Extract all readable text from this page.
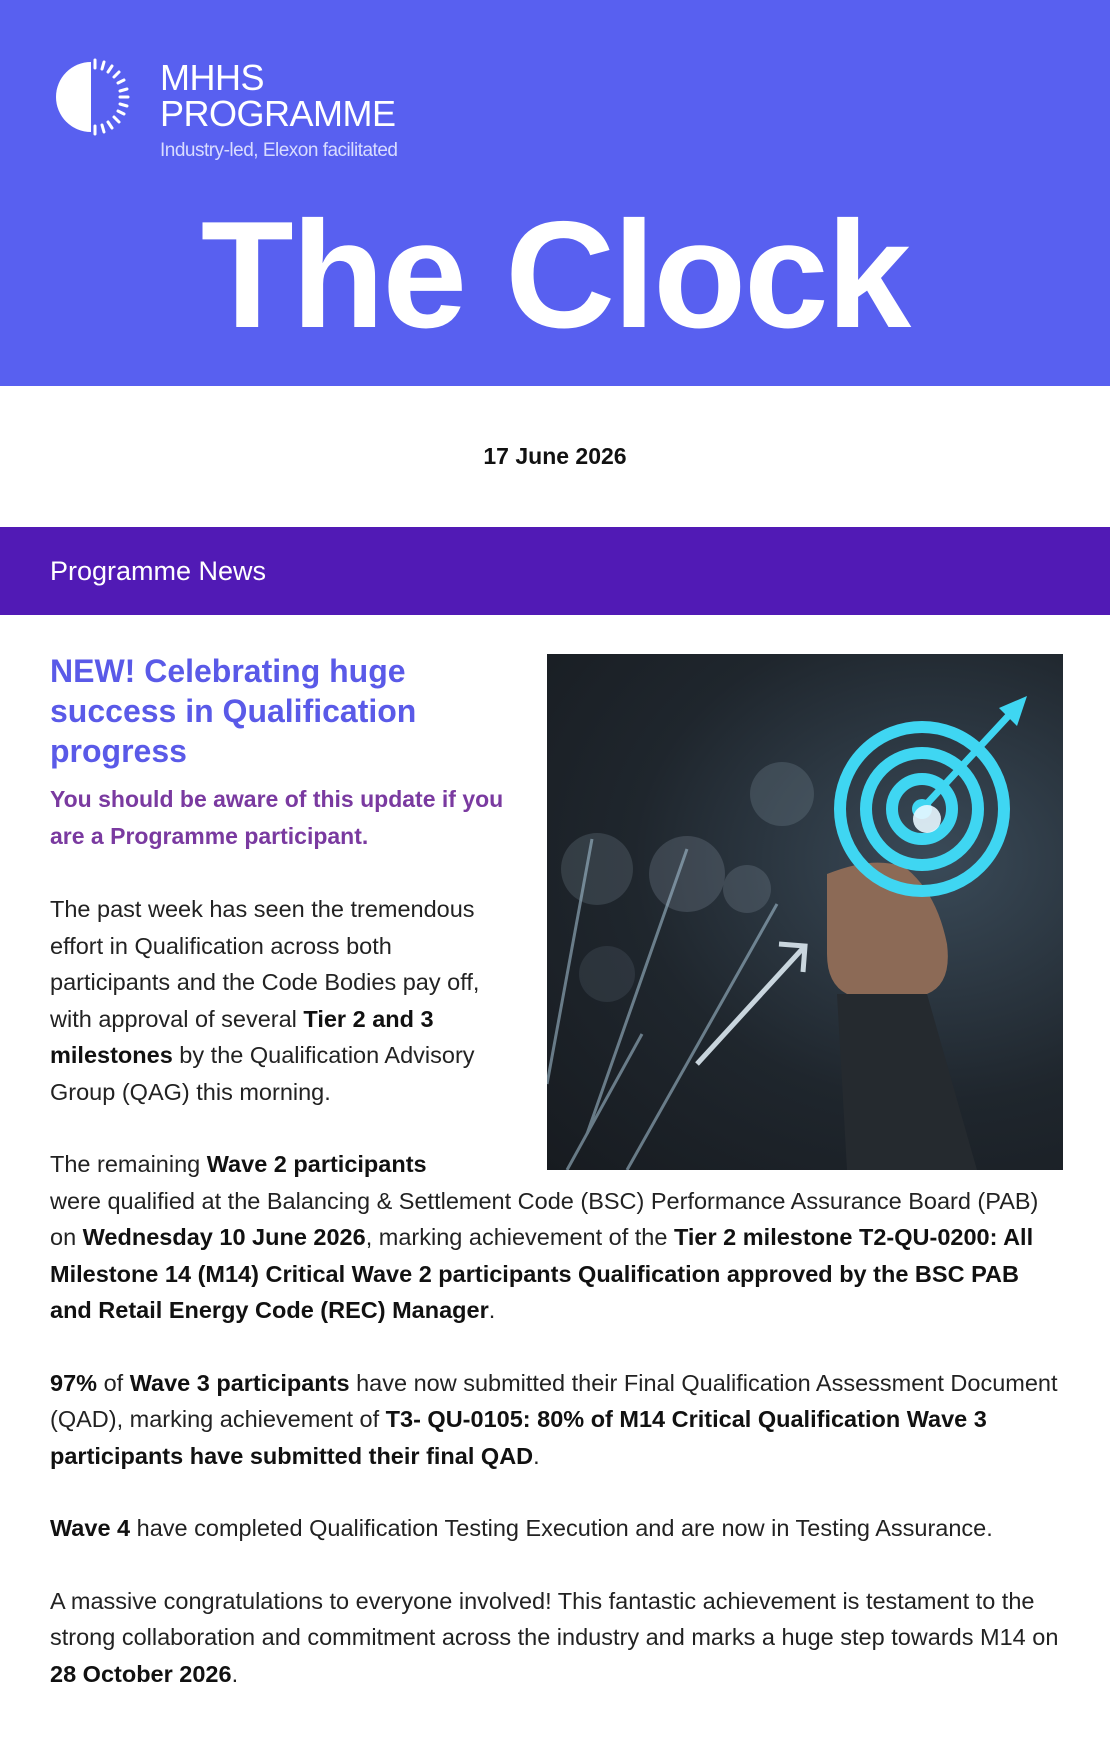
MHHS
PROGRAMME
Industry-led, Elexon facilitated
The Clock
17 June 2026
Programme News
NEW! Celebrating huge success in Qualification progress

You should be aware of this update if you are a Programme participant.

The past week has seen the tremendous effort in Qualification across both participants and the Code Bodies pay off, with approval of several Tier 2 and 3 milestones by the Qualification Advisory Group (QAG) this morning.

The remaining Wave 2 participants
were qualified at the Balancing & Settlement Code (BSC) Performance Assurance Board (PAB) on Wednesday 10 June 2026, marking achievement of the Tier 2 milestone T2-QU-0200: All Milestone 14 (M14) Critical Wave 2 participants Qualification approved by the BSC PAB and Retail Energy Code (REC) Manager.

97% of Wave 3 participants have now submitted their Final Qualification Assessment Document (QAD), marking achievement of T3- QU-0105: 80% of M14 Critical Qualification Wave 3 participants have submitted their final QAD.

Wave 4 have completed Qualification Testing Execution and are now in Testing Assurance.

A massive congratulations to everyone involved! This fantastic achievement is testament to the strong collaboration and commitment across the industry and marks a huge step towards M14 on 28 October 2026.
